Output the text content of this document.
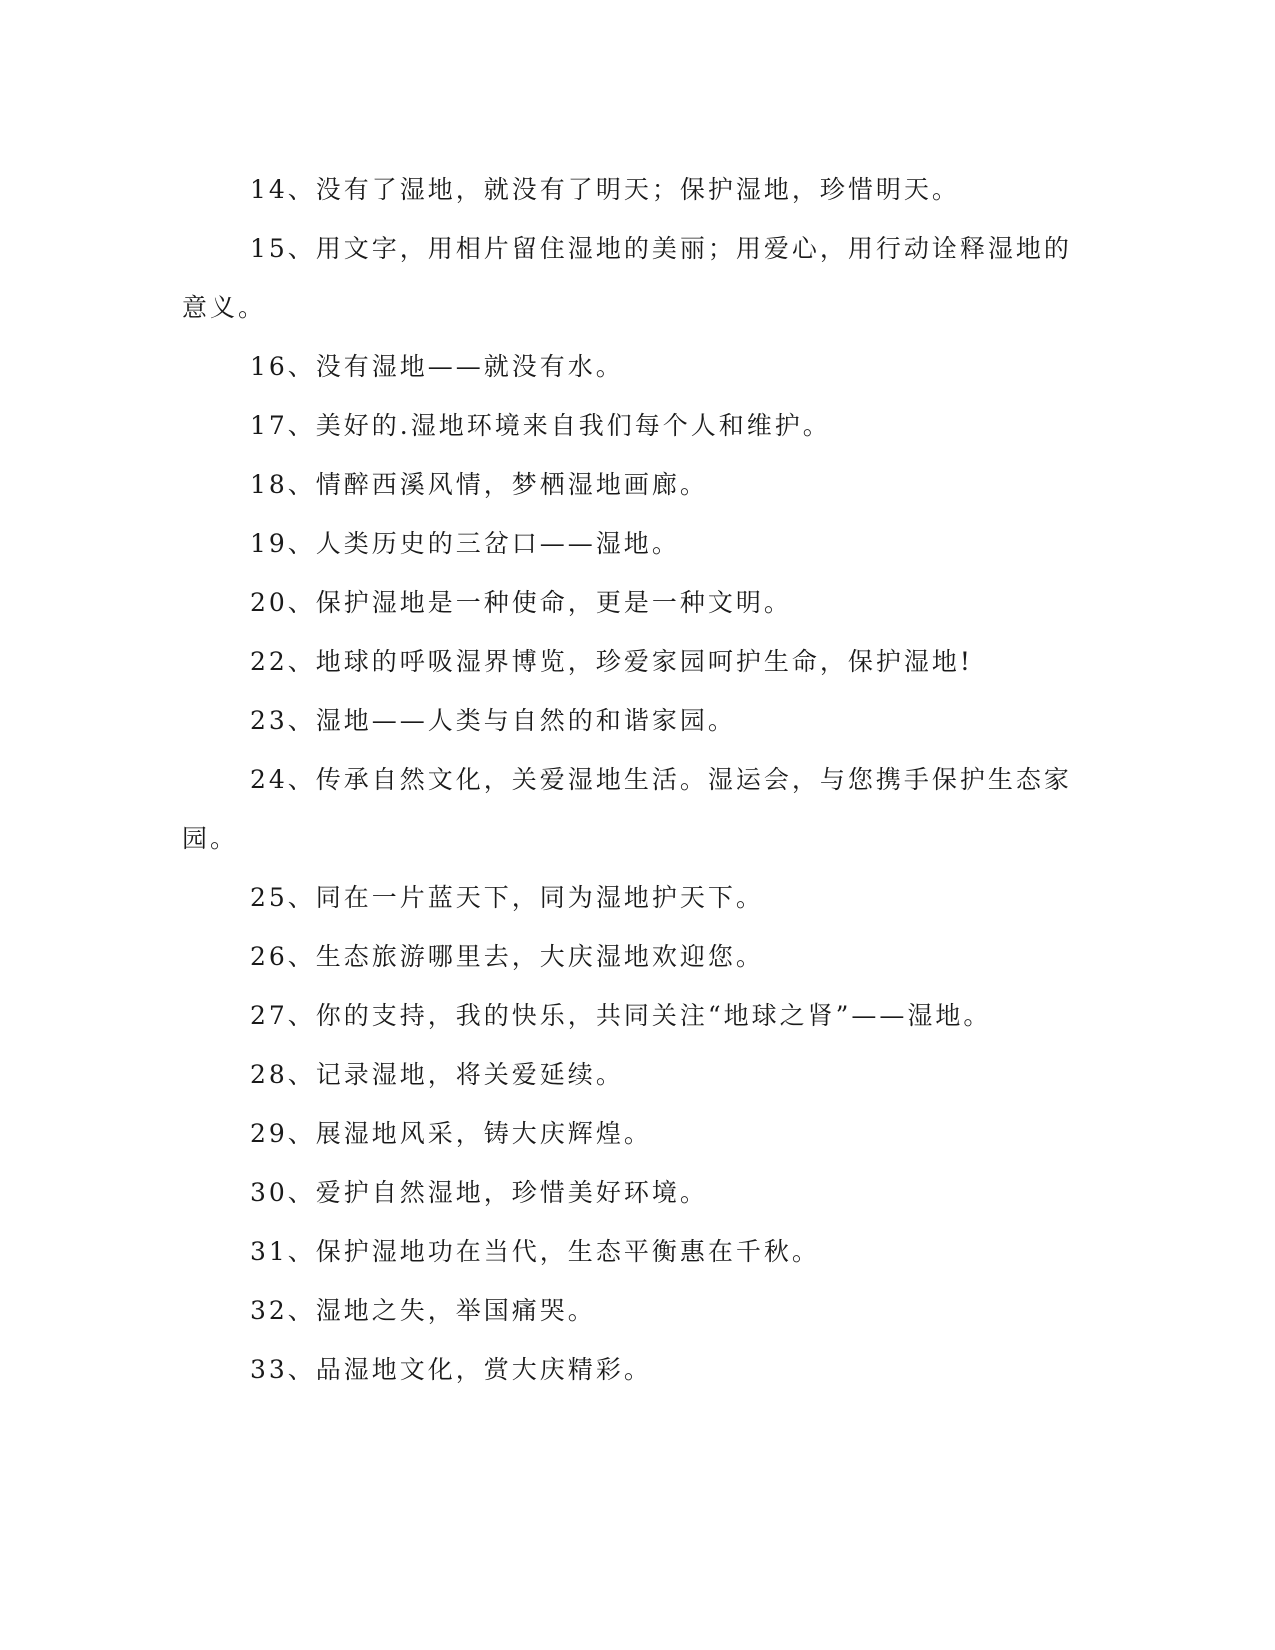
14、没有了湿地，就没有了明天；保护湿地，珍惜明天。

15、用文字，用相片留住湿地的美丽；用爱心，用行动诠释湿地的意义。

16、没有湿地——就没有水。

17、美好的.湿地环境来自我们每个人和维护。

18、情醉西溪风情，梦栖湿地画廊。

19、人类历史的三岔口——湿地。

20、保护湿地是一种使命，更是一种文明。

22、地球的呼吸湿界博览，珍爱家园呵护生命，保护湿地!

23、湿地——人类与自然的和谐家园。

24、传承自然文化，关爱湿地生活。湿运会，与您携手保护生态家园。

25、同在一片蓝天下，同为湿地护天下。

26、生态旅游哪里去，大庆湿地欢迎您。

27、你的支持，我的快乐，共同关注“地球之肾”——湿地。

28、记录湿地，将关爱延续。

29、展湿地风采，铸大庆辉煌。

30、爱护自然湿地，珍惜美好环境。

31、保护湿地功在当代，生态平衡惠在千秋。

32、湿地之失，举国痛哭。

33、品湿地文化，赏大庆精彩。
